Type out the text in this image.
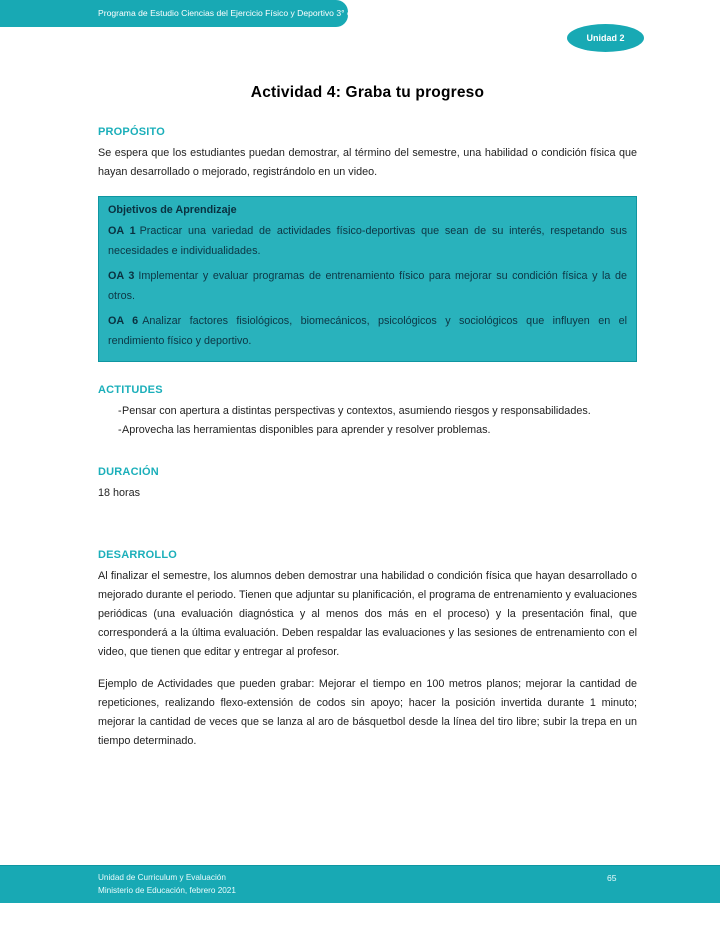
Programa de Estudio Ciencias del Ejercicio Físico y Deportivo 3° o 4° medio
Unidad 2
Actividad 4: Graba tu progreso
PROPÓSITO

Se espera que los estudiantes puedan demostrar, al término del semestre, una habilidad o condición física que hayan desarrollado o mejorado, registrándolo en un video.

Objetivos de Aprendizaje

OA 1 Practicar una variedad de actividades físico-deportivas que sean de su interés, respetando sus necesidades e individualidades.

OA 3 Implementar y evaluar programas de entrenamiento físico para mejorar su condición física y la de otros.

OA 6 Analizar factores fisiológicos, biomecánicos, psicológicos y sociológicos que influyen en el rendimiento físico y deportivo.

ACTITUDES
- Pensar con apertura a distintas perspectivas y contextos, asumiendo riesgos y responsabilidades.
- Aprovecha las herramientas disponibles para aprender y resolver problemas.
DURACIÓN

18 horas

DESARROLLO

Al finalizar el semestre, los alumnos deben demostrar una habilidad o condición física que hayan desarrollado o mejorado durante el periodo. Tienen que adjuntar su planificación, el programa de entrenamiento y evaluaciones periódicas (una evaluación diagnóstica y al menos dos más en el proceso) y la presentación final, que corresponderá a la última evaluación. Deben respaldar las evaluaciones y las sesiones de entrenamiento con el video, que tienen que editar y entregar al profesor.

Ejemplo de Actividades que pueden grabar: Mejorar el tiempo en 100 metros planos; mejorar la cantidad de repeticiones, realizando flexo-extensión de codos sin apoyo; hacer la posición invertida durante 1 minuto; mejorar la cantidad de veces que se lanza al aro de básquetbol desde la línea del tiro libre; subir la trepa en un tiempo determinado.

Unidad de Curriculum y Evaluación
Ministerio de Educación, febrero 2021
65
